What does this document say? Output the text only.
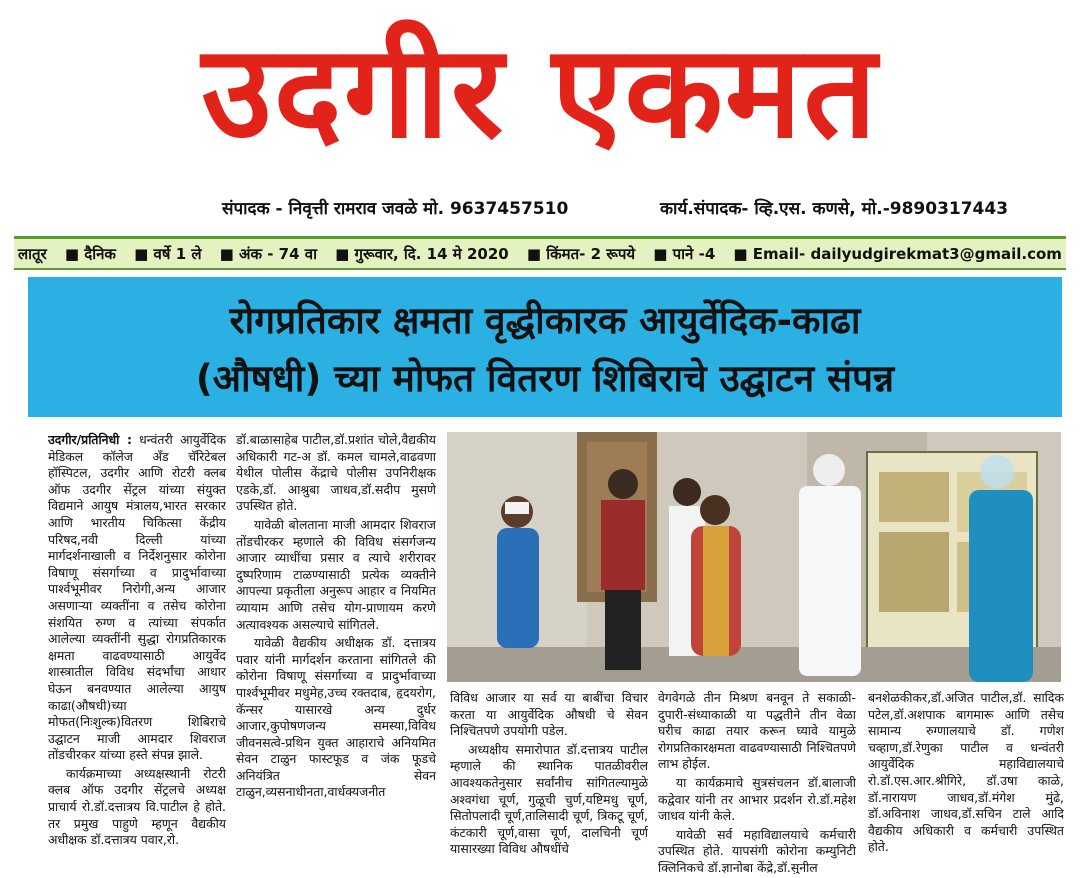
उदगीर एकमत
संपादक - निवृत्ती रामराव जवळे मो. 9637457510	कार्य.संपादक- व्हि.एस. कणसे, मो.-9890317443
लातूर ■ दैनिक ■ वर्षे 1 ले ■ अंक - 74 वा ■ गुरूवार, दि. 14 मे 2020 ■ किंमत- 2 रूपये ■ पाने -4 ■ Email- dailyudgirekmat3@gmail.com
रोगप्रतिकार क्षमता वृद्धीकारक आयुर्वेदिक-काढा
(औषधी) च्या मोफत वितरण शिबिराचे उद्घाटन संपन्न

उदगीर/प्रतिनिधी : धन्वंतरी आयुर्वेदिक मेडिकल कॉलेज अँड चॅरिटेबल हॉस्पिटल, उदगीर आणि रोटरी क्लब ऑफ उदगीर सेंट्रल यांच्या संयुक्त विद्यमाने आयुष मंत्रालय,भारत सरकार आणि भारतीय चिकित्सा केंद्रीय परिषद,नवी दिल्ली यांच्या मार्गदर्शनाखाली व निर्देशनुसार कोरोना विषाणू संसर्गाच्या व प्रादुर्भावाच्या पार्श्वभूमीवर निरोगी,अन्य आजार असणाऱ्या व्यक्तींना व तसेच कोरोना संशयित रुग्ण व त्यांच्या संपर्कात आलेल्या व्यक्तींनी सुद्धा रोगप्रतिकारक क्षमता वाढवण्यासाठी आयुर्वेद शास्त्रातील विविध संदर्भांचा आधार घेऊन बनवण्यात आलेल्या आयुष काढा(औषधी)च्या मोफत(निःशुल्क)वितरण शिबिराचे उद्घाटन माजी आमदार शिवराज तोंडचीरकर यांच्या हस्ते संपन्न झाले.

कार्यक्रमाच्या अध्यक्षस्थानी रोटरी क्लब ऑफ उदगीर सेंट्रलचे अध्यक्ष प्राचार्य रो.डॉ.दत्तात्रय वि.पाटील हे होते. तर प्रमुख पाहुणे म्हणून वैद्यकीय अधीक्षक डॉ.दत्तात्रय पवार,रो.

डॉ.बाळासाहेब पाटील,डॉ.प्रशांत चोले,वैद्यकीय अधिकारी गट-अ डॉ. कमल चामले,वाढवणा येथील पोलीस केंद्राचे पोलीस उपनिरीक्षक एडके,डॉ. आश्रुबा जाधव,डॉ.सदीप मुसणे उपस्थित होते.

यावेळी बोलताना माजी आमदार शिवराज तोंडचीरकर म्हणाले की विविध संसर्गजन्य आजार व्याधींचा प्रसार व त्याचे शरीरावर दुष्परिणाम टाळण्यासाठी प्रत्येक व्यक्तीने आपल्या प्रकृतीला अनुरूप आहार व नियमित व्यायाम आणि तसेच योग-प्राणायम करणे अत्यावश्यक असल्याचे सांगितले.

यावेळी वैद्यकीय अधीक्षक डॉ. दत्तात्रय पवार यांनी मार्गदर्शन करताना सांगितले की कोरोना विषाणू संसर्गाच्या व प्रादुर्भावाच्या पार्श्वभूमीवर मधुमेह,उच्च रक्तदाब, हृदयरोग, कॅन्सर यासारखे अन्य दुर्धर आजार,कुपोषणजन्य समस्या,विविध जीवनसत्वे-प्रथिन युक्त आहाराचे अनियमित सेवन टाळुन फास्टफूड व जंक फूडचे अनियंत्रित सेवन टाळुन,व्यसनाधीनता,वार्धक्यजनीत

विविध आजार या सर्व या बाबींचा विचार करता या आयुर्वेदिक औषधी चे सेवन निश्चितपणे उपयोगी पडेल.

अध्यक्षीय समारोपात डॉ.दत्तात्रय पाटील म्हणाले की स्थानिक पातळीवरील आवश्यकतेनुसार सर्वांनीच सांगितल्यामुळे अश्वगंधा चूर्ण, गुळूची चुर्ण,यष्टिमधु चूर्ण, सितोपलादी चूर्ण,तालिसादी चूर्ण, त्रिकटू चूर्ण, कंटकारी चूर्ण,वासा चूर्ण, दालचिनी चूर्ण यासारख्या विविध औषधींचे

वेगवेगळे तीन मिश्रण बनवून ते सकाळी-दुपारी-संध्याकाळी या पद्धतीने तीन वेळा घरीच काढा तयार करून घ्यावे यामुळे रोगप्रतिकारक्षमता वाढवण्यासाठी निश्चितपणे लाभ होईल.

या कार्यक्रमाचे सुत्रसंचलन डॉ.बालाजी कद्वेवार यांनी तर आभार प्रदर्शन रो.डॉ.महेश जाधव यांनी केले.

यावेळी सर्व महाविद्यालयाचे कर्मचारी उपस्थित होते. यापसंगी कोरोना कम्युनिटी क्लिनिकचे डॉ.ज्ञानोबा केंद्रे,डॉ.सुनील

बनशेळकीकर,डॉ.अजित पाटील,डॉ. सादिक पटेल,डॉ.अशपाक बागमारू आणि तसेच सामान्य रुग्णालयाचे डॉ. गणेश चव्हाण,डॉ.रेणुका पाटील व धन्वंतरी आयुर्वेदिक महाविद्यालयाचे रो.डॉ.एस.आर.श्रीगिरे, डॉ.उषा काळे, डॉ.नारायण जाधव,डॉ.मंगेश मुंढे, डॉ.अविनाश जाधव,डॉ.सचिन टाले आदि वैद्यकीय अधिकारी व कर्मचारी उपस्थित होते.
